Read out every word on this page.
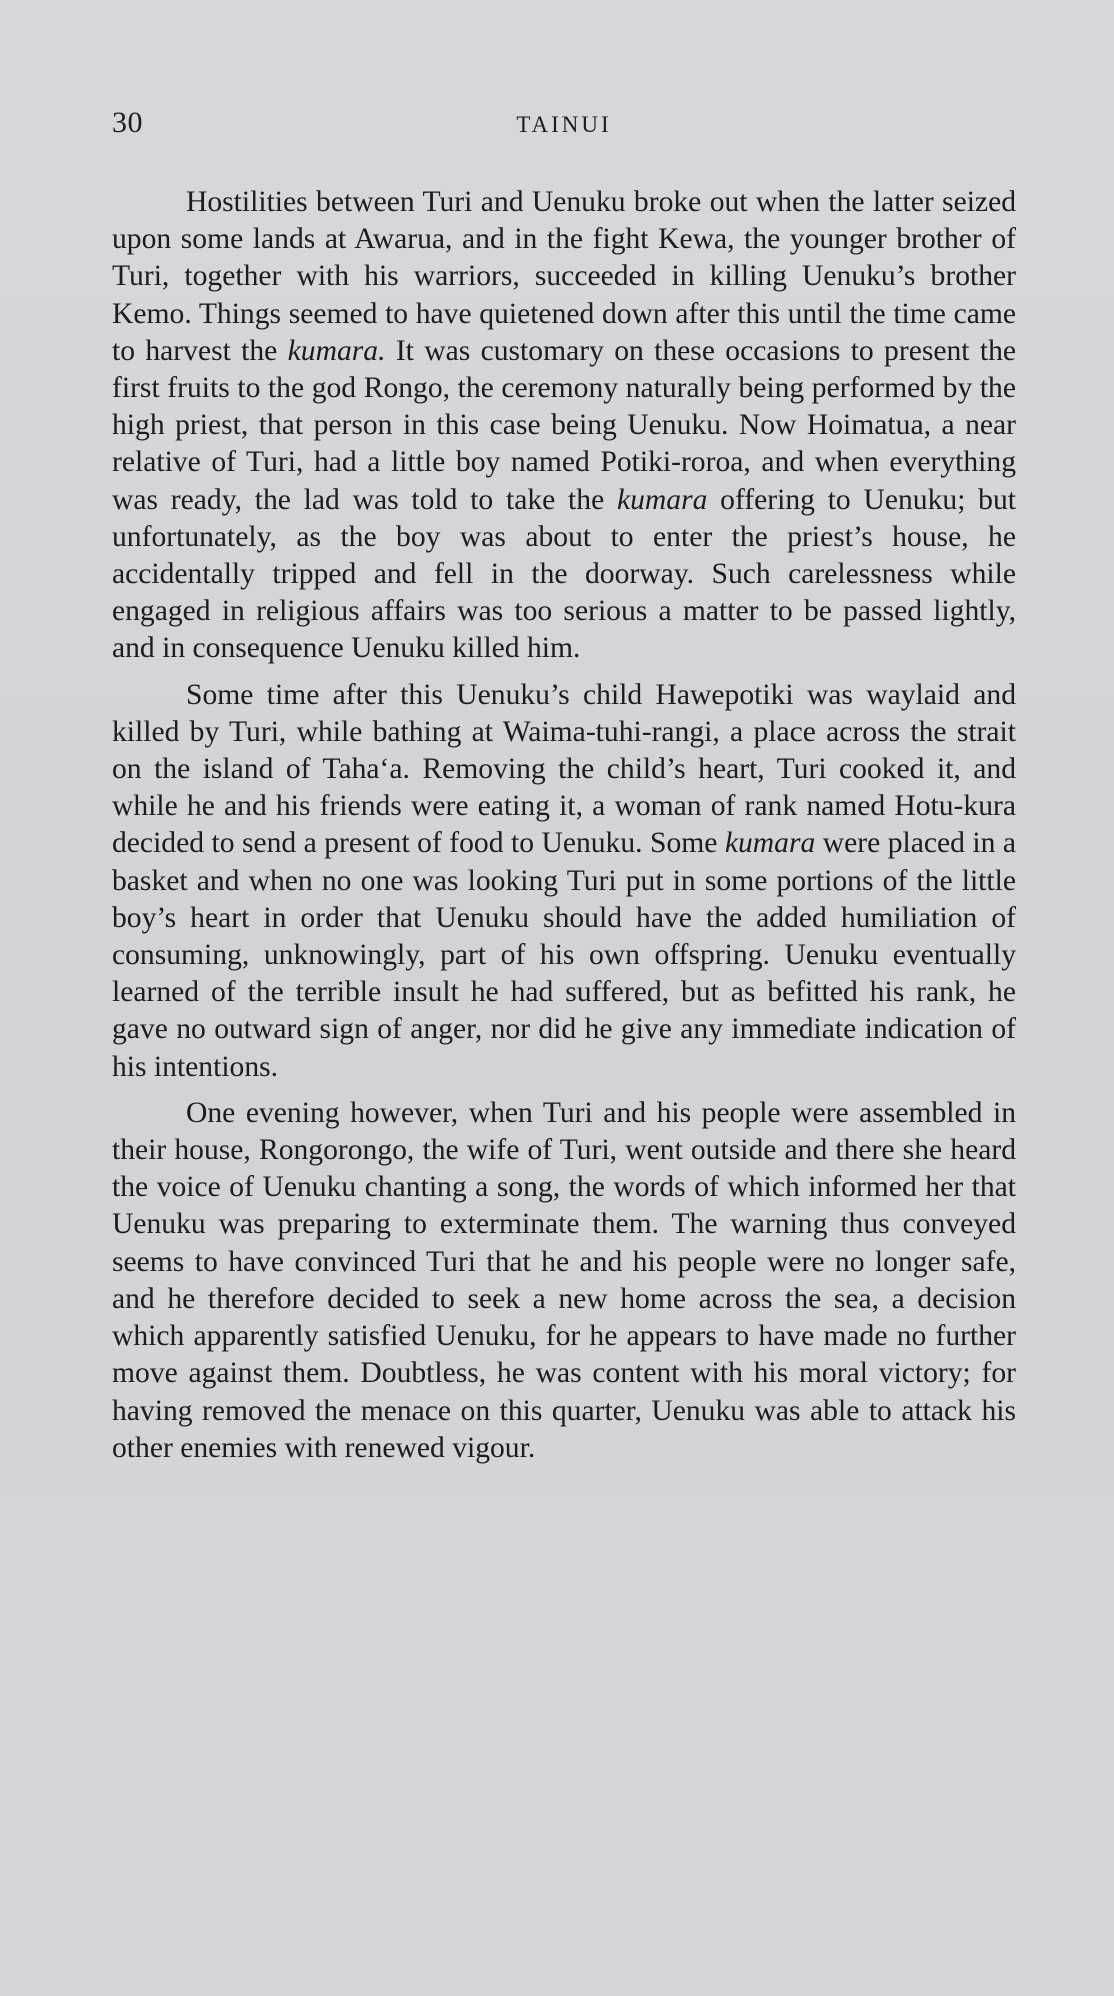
30	TAINUI

Hostilities between Turi and Uenuku broke out when the latter seized upon some lands at Awarua, and in the fight Kewa, the younger brother of Turi, together with his warriors, succeeded in killing Uenuku’s brother Kemo. Things seemed to have quietened down after this until the time came to harvest the kumara. It was customary on these occasions to present the first fruits to the god Rongo, the ceremony naturally being performed by the high priest, that person in this case being Uenuku. Now Hoimatua, a near relative of Turi, had a little boy named Potiki-roroa, and when everything was ready, the lad was told to take the kumara offering to Uenuku; but unfortunately, as the boy was about to enter the priest’s house, he accidentally tripped and fell in the doorway. Such carelessness while engaged in religious affairs was too serious a matter to be passed lightly, and in consequence Uenuku killed him.

Some time after this Uenuku’s child Hawepotiki was waylaid and killed by Turi, while bathing at Waima-tuhi-rangi, a place across the strait on the island of Taha‘a. Removing the child’s heart, Turi cooked it, and while he and his friends were eating it, a woman of rank named Hotu-kura decided to send a present of food to Uenuku. Some kumara were placed in a basket and when no one was looking Turi put in some portions of the little boy’s heart in order that Uenuku should have the added humiliation of consuming, unknowingly, part of his own offspring. Uenuku eventually learned of the terrible insult he had suffered, but as befitted his rank, he gave no outward sign of anger, nor did he give any immediate indication of his intentions.

One evening however, when Turi and his people were assembled in their house, Rongorongo, the wife of Turi, went outside and there she heard the voice of Uenuku chanting a song, the words of which informed her that Uenuku was preparing to exterminate them. The warning thus conveyed seems to have convinced Turi that he and his people were no longer safe, and he therefore decided to seek a new home across the sea, a decision which apparently satisfied Uenuku, for he appears to have made no further move against them. Doubtless, he was content with his moral victory; for having removed the menace on this quarter, Uenuku was able to attack his other enemies with renewed vigour.
